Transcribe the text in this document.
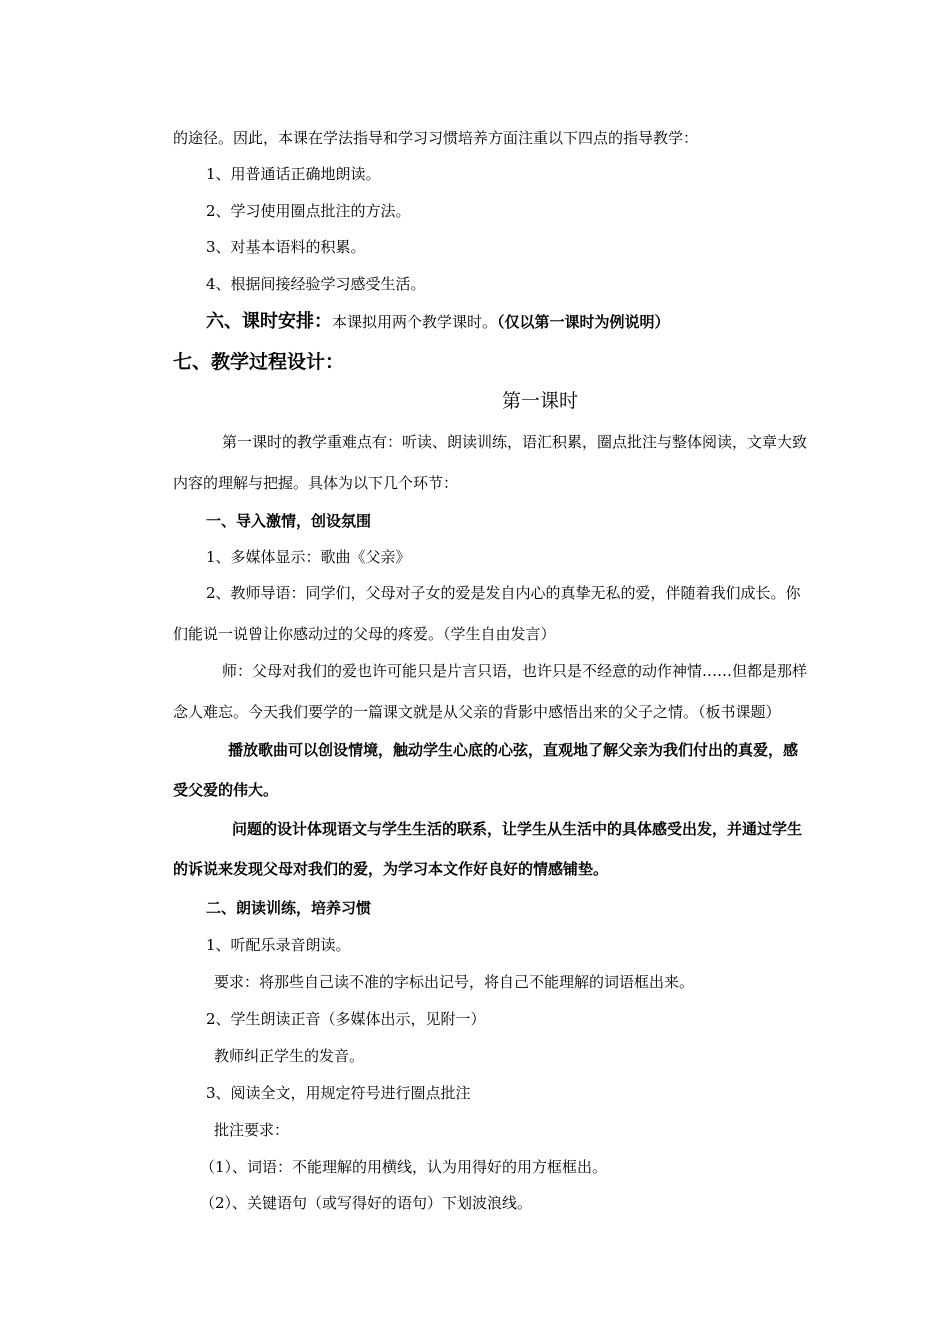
的途径。因此，本课在学法指导和学习习惯培养方面注重以下四点的指导教学：
1、用普通话正确地朗读。
2、学习使用圈点批注的方法。
3、对基本语料的积累。
4、根据间接经验学习感受生活。
六、课时安排：本课拟用两个教学课时。（仅以第一课时为例说明）
七、教学过程设计：
第一课时
第一课时的教学重难点有：听读、朗读训练，语汇积累，圈点批注与整体阅读，文章大致
内容的理解与把握。具体为以下几个环节：
一、导入激情，创设氛围
1、多媒体显示：歌曲《父亲》
2、教师导语：同学们，父母对子女的爱是发自内心的真挚无私的爱，伴随着我们成长。你
们能说一说曾让你感动过的父母的疼爱。（学生自由发言）
师：父母对我们的爱也许可能只是片言只语，也许只是不经意的动作神情……但都是那样
念人难忘。今天我们要学的一篇课文就是从父亲的背影中感悟出来的父子之情。（板书课题）
播放歌曲可以创设情境，触动学生心底的心弦，直观地了解父亲为我们付出的真爱，感
受父爱的伟大。
问题的设计体现语文与学生生活的联系，让学生从生活中的具体感受出发，并通过学生
的诉说来发现父母对我们的爱，为学习本文作好良好的情感铺垫。
二、朗读训练，培养习惯
1、听配乐录音朗读。
要求：将那些自己读不准的字标出记号，将自己不能理解的词语框出来。
2、学生朗读正音（多媒体出示，见附一）
教师纠正学生的发音。
3、阅读全文，用规定符号进行圈点批注
批注要求：
（1）、词语：不能理解的用横线，认为用得好的用方框框出。
（2）、关键语句（或写得好的语句）下划波浪线。
